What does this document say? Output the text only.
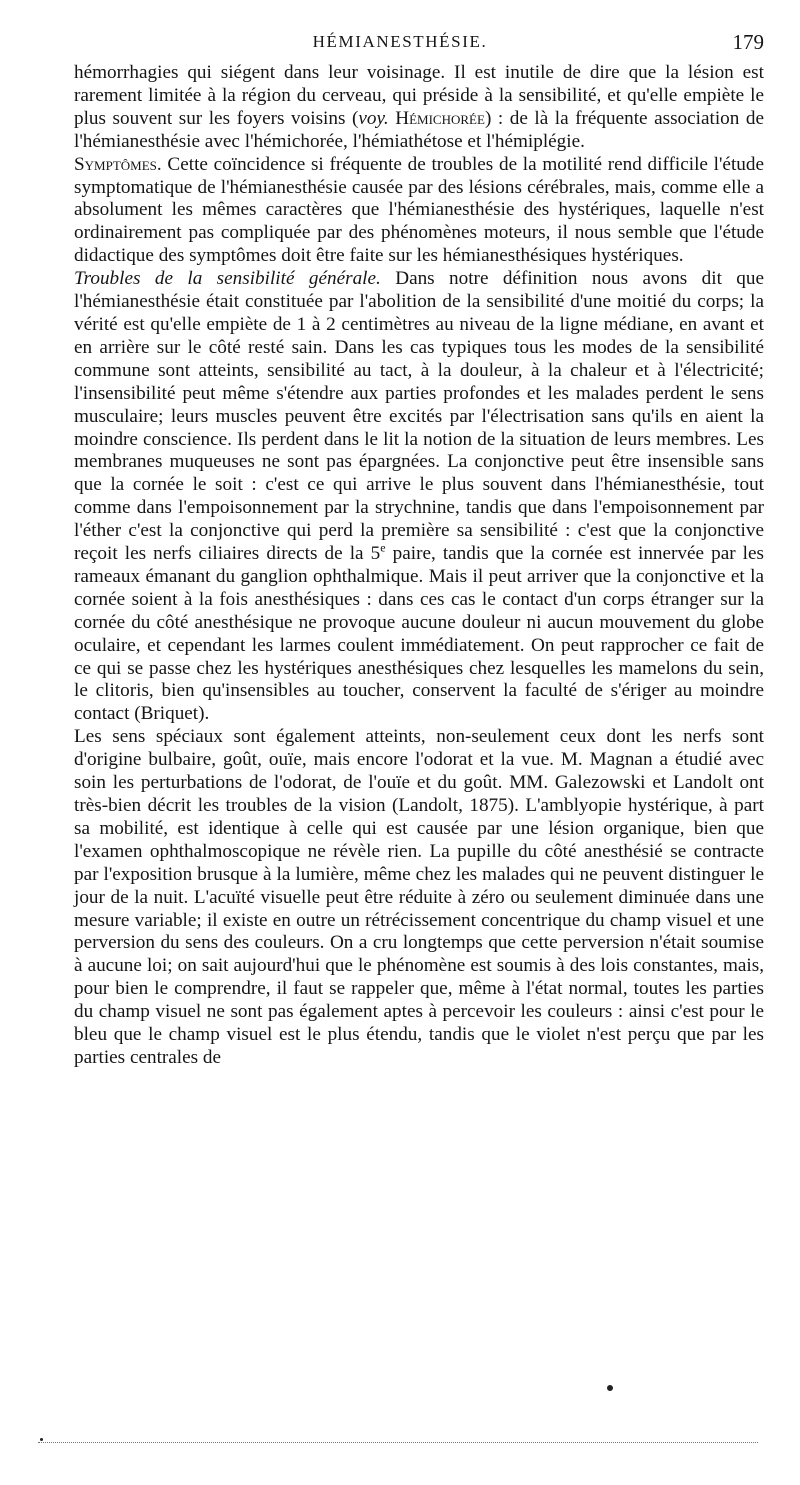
HÉMIANESTHÉSIE.	179

hémorrhagies qui siégent dans leur voisinage. Il est inutile de dire que la lésion est rarement limitée à la région du cerveau, qui préside à la sensibilité, et qu'elle empiète le plus souvent sur les foyers voisins (voy. Hémichorée) : de là la fréquente association de l'hémianesthésie avec l'hémichorée, l'hémiathétose et l'hémiplégie.

Symptômes. Cette coïncidence si fréquente de troubles de la motilité rend difficile l'étude symptomatique de l'hémianesthésie causée par des lésions cérébrales, mais, comme elle a absolument les mêmes caractères que l'hémianesthésie des hystériques, laquelle n'est ordinairement pas compliquée par des phénomènes moteurs, il nous semble que l'étude didactique des symptômes doit être faite sur les hémianesthésiques hystériques.

Troubles de la sensibilité générale. Dans notre définition nous avons dit que l'hémianesthésie était constituée par l'abolition de la sensibilité d'une moitié du corps; la vérité est qu'elle empiète de 1 à 2 centimètres au niveau de la ligne médiane, en avant et en arrière sur le côté resté sain. Dans les cas typiques tous les modes de la sensibilité commune sont atteints, sensibilité au tact, à la douleur, à la chaleur et à l'électricité; l'insensibilité peut même s'étendre aux parties profondes et les malades perdent le sens musculaire; leurs muscles peuvent être excités par l'électrisation sans qu'ils en aient la moindre conscience. Ils perdent dans le lit la notion de la situation de leurs membres. Les membranes muqueuses ne sont pas épargnées. La conjonctive peut être insensible sans que la cornée le soit : c'est ce qui arrive le plus souvent dans l'hémianesthésie, tout comme dans l'empoisonnement par la strychnine, tandis que dans l'empoisonnement par l'éther c'est la conjonctive qui perd la première sa sensibilité : c'est que la conjonctive reçoit les nerfs ciliaires directs de la 5e paire, tandis que la cornée est innervée par les rameaux émanant du ganglion ophthalmique. Mais il peut arriver que la conjonctive et la cornée soient à la fois anesthésiques : dans ces cas le contact d'un corps étranger sur la cornée du côté anesthésique ne provoque aucune douleur ni aucun mouvement du globe oculaire, et cependant les larmes coulent immédiatement. On peut rapprocher ce fait de ce qui se passe chez les hystériques anesthésiques chez lesquelles les mamelons du sein, le clitoris, bien qu'insensibles au toucher, conservent la faculté de s'ériger au moindre contact (Briquet).

Les sens spéciaux sont également atteints, non-seulement ceux dont les nerfs sont d'origine bulbaire, goût, ouïe, mais encore l'odorat et la vue. M. Magnan a étudié avec soin les perturbations de l'odorat, de l'ouïe et du goût. MM. Galezowski et Landolt ont très-bien décrit les troubles de la vision (Landolt, 1875). L'amblyopie hystérique, à part sa mobilité, est identique à celle qui est causée par une lésion organique, bien que l'examen ophthalmoscopique ne révèle rien. La pupille du côté anesthésié se contracte par l'exposition brusque à la lumière, même chez les malades qui ne peuvent distinguer le jour de la nuit. L'acuïté visuelle peut être réduite à zéro ou seulement diminuée dans une mesure variable; il existe en outre un rétrécissement concentrique du champ visuel et une perversion du sens des couleurs. On a cru longtemps que cette perversion n'était soumise à aucune loi; on sait aujourd'hui que le phénomène est soumis à des lois constantes, mais, pour bien le comprendre, il faut se rappeler que, même à l'état normal, toutes les parties du champ visuel ne sont pas également aptes à percevoir les couleurs : ainsi c'est pour le bleu que le champ visuel est le plus étendu, tandis que le violet n'est perçu que par les parties centrales de
